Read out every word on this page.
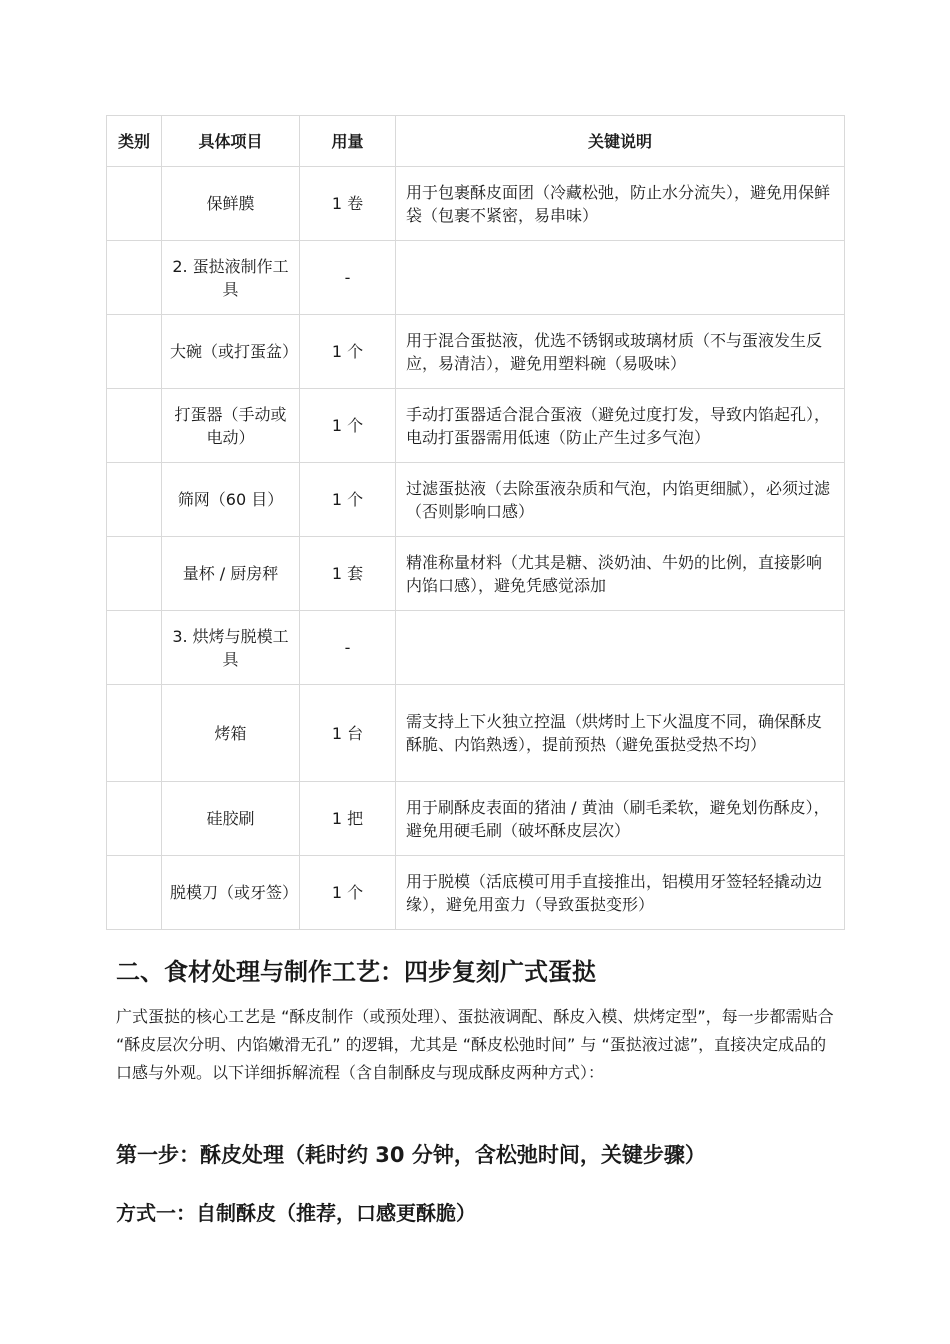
类别	具体项目	用量	关键说明
	保鲜膜	1 卷	用于包裹酥皮面团（冷藏松弛，防止水分流失），避免用保鲜袋（包裹不紧密，易串味）
	2. 蛋挞液制作工具	-	
	大碗（或打蛋盆）	1 个	用于混合蛋挞液，优选不锈钢或玻璃材质（不与蛋液发生反应，易清洁），避免用塑料碗（易吸味）
	打蛋器（手动或电动）	1 个	手动打蛋器适合混合蛋液（避免过度打发，导致内馅起孔），电动打蛋器需用低速（防止产生过多气泡）
	筛网（60 目）	1 个	过滤蛋挞液（去除蛋液杂质和气泡，内馅更细腻），必须过滤（否则影响口感）
	量杯 / 厨房秤	1 套	精准称量材料（尤其是糖、淡奶油、牛奶的比例，直接影响内馅口感），避免凭感觉添加
	3. 烘烤与脱模工具	-	
	烤箱	1 台	需支持上下火独立控温（烘烤时上下火温度不同，确保酥皮酥脆、内馅熟透），提前预热（避免蛋挞受热不均）
	硅胶刷	1 把	用于刷酥皮表面的猪油 / 黄油（刷毛柔软，避免划伤酥皮），避免用硬毛刷（破坏酥皮层次）
	脱模刀（或牙签）	1 个	用于脱模（活底模可用手直接推出，铝模用牙签轻轻撬动边缘），避免用蛮力（导致蛋挞变形）
二、食材处理与制作工艺：四步复刻广式蛋挞

广式蛋挞的核心工艺是 “酥皮制作（或预处理）、蛋挞液调配、酥皮入模、烘烤定型”，每一步都需贴合 “酥皮层次分明、内馅嫩滑无孔” 的逻辑，尤其是 “酥皮松弛时间” 与 “蛋挞液过滤”，直接决定成品的口感与外观。以下详细拆解流程（含自制酥皮与现成酥皮两种方式）：

第一步：酥皮处理（耗时约 30 分钟，含松弛时间，关键步骤）
方式一：自制酥皮（推荐，口感更酥脆）
